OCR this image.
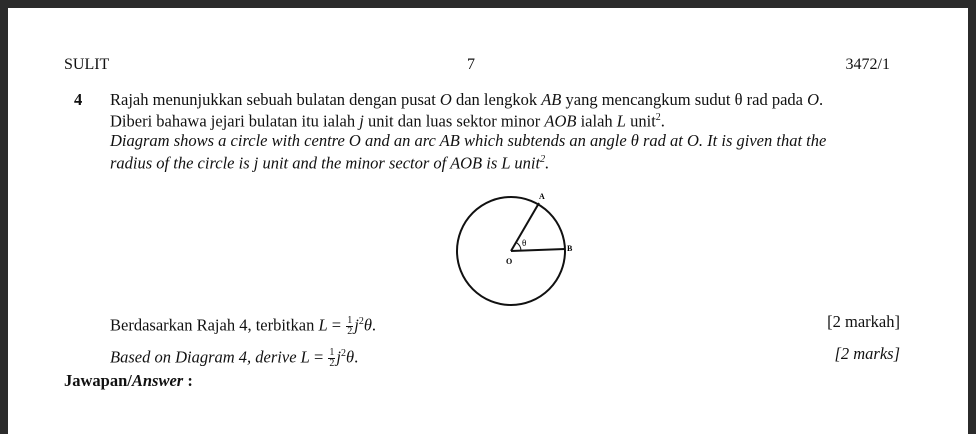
SULIT	7	3472/1
4 Rajah menunjukkan sebuah bulatan dengan pusat O dan lengkok AB yang mencangkum sudut θ rad pada O.
Diberi bahawa jejari bulatan itu ialah j unit dan luas sektor minor AOB ialah L unit$^2$.
Diagram shows a circle with centre O and an arc AB which subtends an angle θ rad at O. It is given that the
radius of the circle is j unit and the minor sector of AOB is L unit$^2$.
A
B
O
θ
Berdasarkan Rajah 4, terbitkan $L = \frac{1}{2} j^2\theta$.	[2 markah]
Based on Diagram 4, derive $L = \frac{1}{2} j^2\theta$.	[2 marks]
Jawapan/Answer :
